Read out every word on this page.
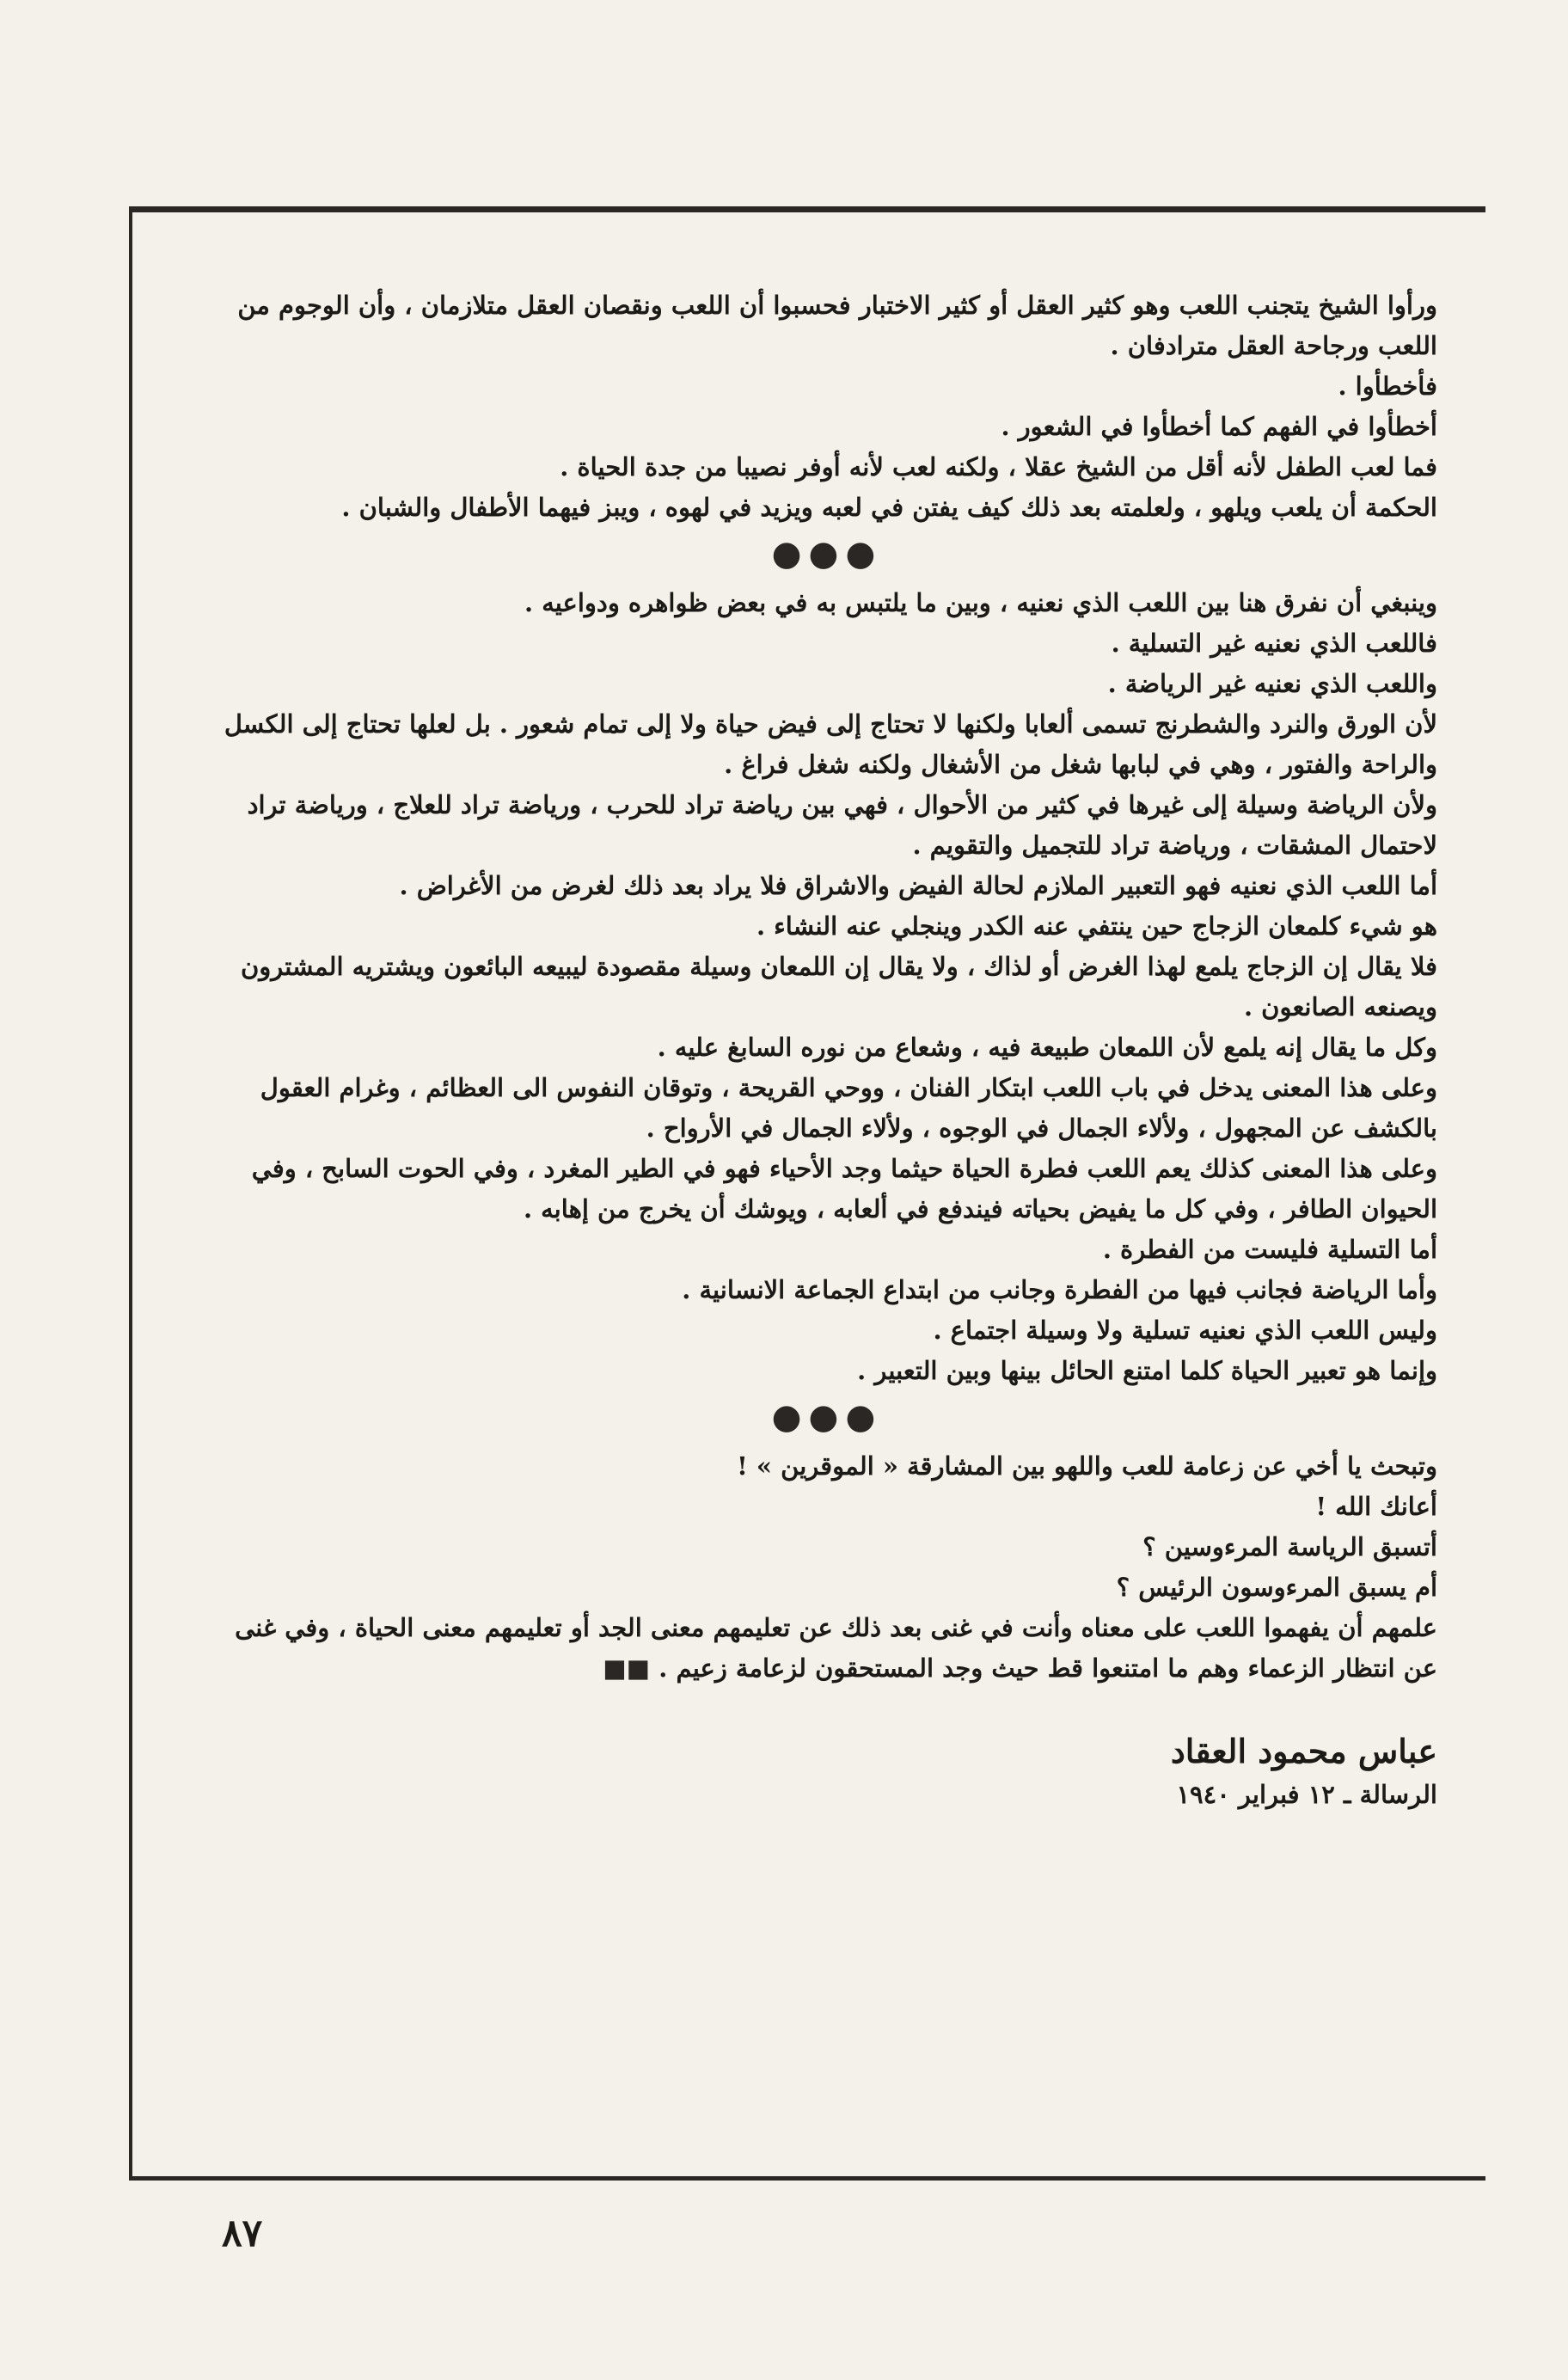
ورأوا الشيخ يتجنب اللعب وهو كثير العقل أو كثير الاختبار فحسبوا أن اللعب ونقصان العقل متلازمان ، وأن الوجوم من اللعب ورجاحة العقل مترادفان .

فأخطأوا .

أخطأوا في الفهم كما أخطأوا في الشعور .

فما لعب الطفل لأنه أقل من الشيخ عقلا ، ولكنه لعب لأنه أوفر نصيبا من جدة الحياة .

الحكمة أن يلعب ويلهو ، ولعلمته بعد ذلك كيف يفتن في لعبه ويزيد في لهوه ، ويبز فيهما الأطفال والشبان .

●●●

وينبغي أن نفرق هنا بين اللعب الذي نعنيه ، وبين ما يلتبس به في بعض ظواهره ودواعيه .

فاللعب الذي نعنيه غير التسلية .

واللعب الذي نعنيه غير الرياضة .

لأن الورق والنرد والشطرنج تسمى ألعابا ولكنها لا تحتاج إلى فيض حياة ولا إلى تمام شعور . بل لعلها تحتاج إلى الكسل والراحة والفتور ، وهي في لبابها شغل من الأشغال ولكنه شغل فراغ .

ولأن الرياضة وسيلة إلى غيرها في كثير من الأحوال ، فهي بين رياضة تراد للحرب ، ورياضة تراد للعلاج ، ورياضة تراد لاحتمال المشقات ، ورياضة تراد للتجميل والتقويم .

أما اللعب الذي نعنيه فهو التعبير الملازم لحالة الفيض والاشراق فلا يراد بعد ذلك لغرض من الأغراض .

هو شيء كلمعان الزجاج حين ينتفي عنه الكدر وينجلي عنه النشاء .

فلا يقال إن الزجاج يلمع لهذا الغرض أو لذاك ، ولا يقال إن اللمعان وسيلة مقصودة ليبيعه البائعون ويشتريه المشترون ويصنعه الصانعون .

وكل ما يقال إنه يلمع لأن اللمعان طبيعة فيه ، وشعاع من نوره السابغ عليه .

وعلى هذا المعنى يدخل في باب اللعب ابتكار الفنان ، ووحي القريحة ، وتوقان النفوس الى العظائم ، وغرام العقول بالكشف عن المجهول ، ولألاء الجمال في الوجوه ، ولألاء الجمال في الأرواح .

وعلى هذا المعنى كذلك يعم اللعب فطرة الحياة حيثما وجد الأحياء فهو في الطير المغرد ، وفي الحوت السابح ، وفي الحيوان الطافر ، وفي كل ما يفيض بحياته فيندفع في ألعابه ، ويوشك أن يخرج من إهابه .

أما التسلية فليست من الفطرة .

وأما الرياضة فجانب فيها من الفطرة وجانب من ابتداع الجماعة الانسانية .

وليس اللعب الذي نعنيه تسلية ولا وسيلة اجتماع .

وإنما هو تعبير الحياة كلما امتنع الحائل بينها وبين التعبير .

●●●

وتبحث يا أخي عن زعامة للعب واللهو بين المشارقة « الموقرين » !

أعانك الله !

أتسبق الرياسة المرءوسين ؟

أم يسبق المرءوسون الرئيس ؟

علمهم أن يفهموا اللعب على معناه وأنت في غنى بعد ذلك عن تعليمهم معنى الجد أو تعليمهم معنى الحياة ، وفي غنى عن انتظار الزعماء وهم ما امتنعوا قط حيث وجد المستحقون لزعامة زعيم . ■■

عباس محمود العقاد
الرسالة ـ ١٢ فبراير ١٩٤٠
٨٧
